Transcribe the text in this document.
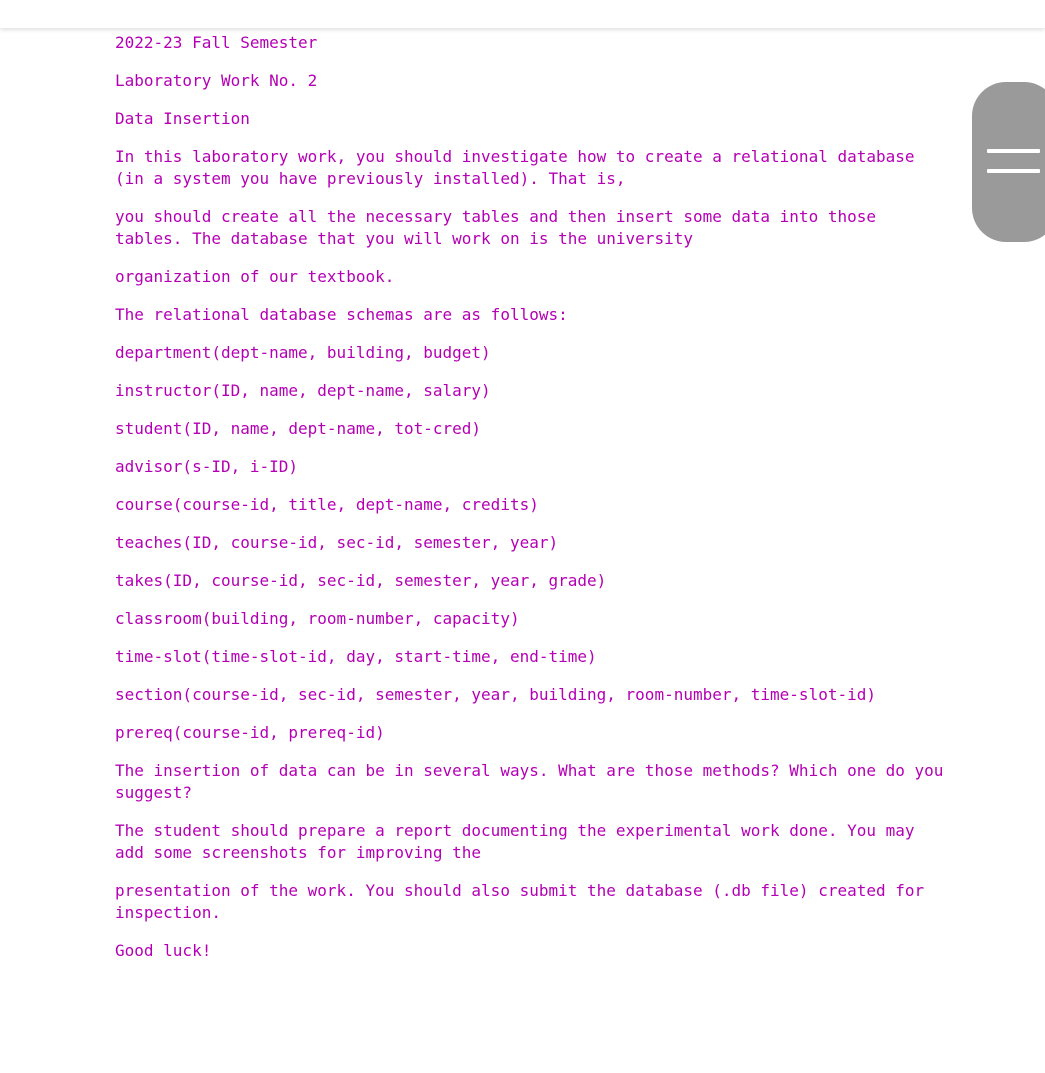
2022-23 Fall Semester

Laboratory Work No. 2

Data Insertion

In this laboratory work, you should investigate how to create a relational database (in a system you have previously installed). That is,

you should create all the necessary tables and then insert some data into those tables. The database that you will work on is the university

organization of our textbook.

The relational database schemas are as follows:

department(dept-name, building, budget)

instructor(ID, name, dept-name, salary)

student(ID, name, dept-name, tot-cred)

advisor(s-ID, i-ID)

course(course-id, title, dept-name, credits)

teaches(ID, course-id, sec-id, semester, year)

takes(ID, course-id, sec-id, semester, year, grade)

classroom(building, room-number, capacity)

time-slot(time-slot-id, day, start-time, end-time)

section(course-id, sec-id, semester, year, building, room-number, time-slot-id)

prereq(course-id, prereq-id)

The insertion of data can be in several ways. What are those methods? Which one do you suggest?

The student should prepare a report documenting the experimental work done. You may add some screenshots for improving the

presentation of the work. You should also submit the database (.db file) created for inspection.

Good luck!
